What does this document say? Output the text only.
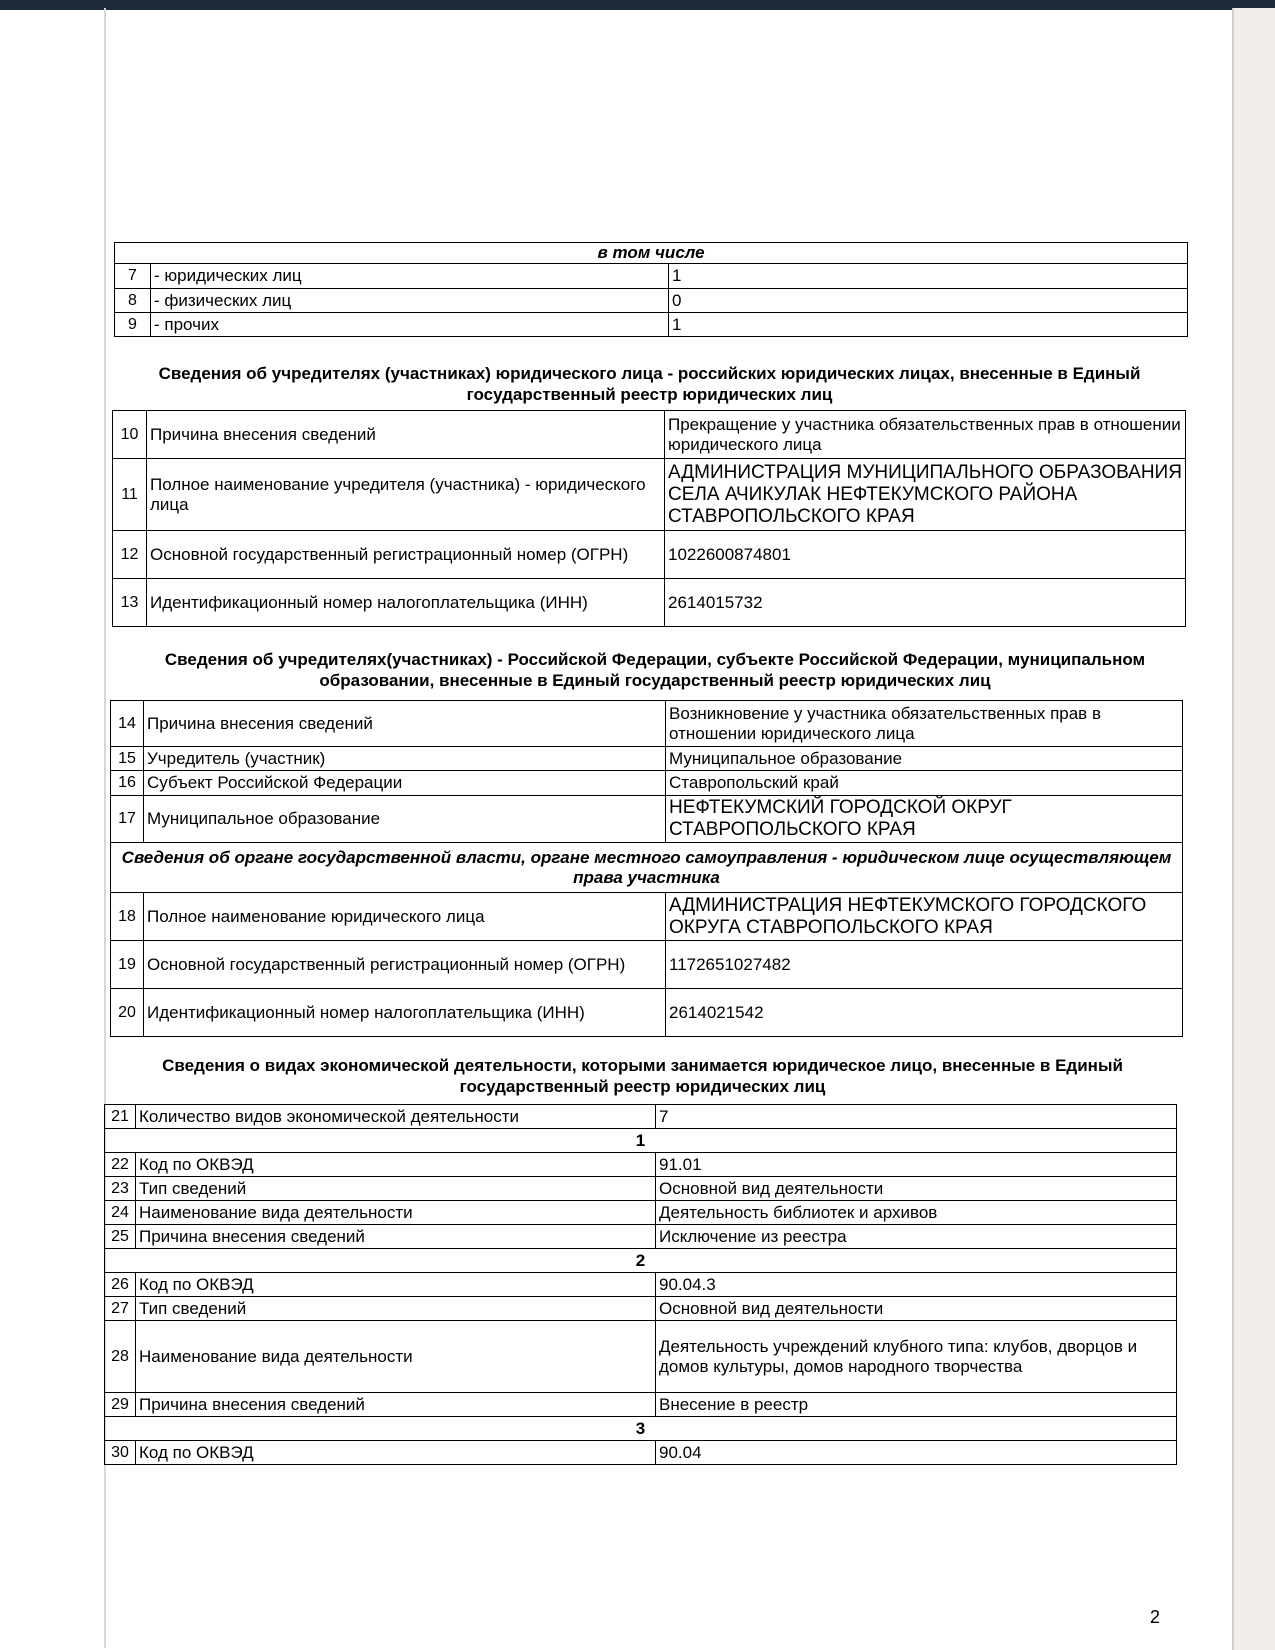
в том числе		
7	- юридических лиц	1
8	- физических лиц	0
9	- прочих	1
Сведения об учредителях (участниках) юридического лица - российских юридических лицах, внесенные в Единый государственный реестр юридических лиц
10	Причина внесения сведений	Прекращение у участника обязательственных прав в отношении юридического лица
11	Полное наименование учредителя (участника) - юридического лица	АДМИНИСТРАЦИЯ МУНИЦИПАЛЬНОГО ОБРАЗОВАНИЯ СЕЛА АЧИКУЛАК НЕФТЕКУМСКОГО РАЙОНА СТАВРОПОЛЬСКОГО КРАЯ
12	Основной государственный регистрационный номер (ОГРН)	1022600874801
13	Идентификационный номер налогоплательщика (ИНН)	2614015732
Сведения об учредителях(участниках) - Российской Федерации, субъекте Российской Федерации, муниципальном образовании, внесенные в Единый государственный реестр юридических лиц
14	Причина внесения сведений	Возникновение у участника обязательственных прав в отношении юридического лица
15	Учредитель (участник)	Муниципальное образование
16	Субъект Российской Федерации	Ставропольский край
17	Муниципальное образование	НЕФТЕКУМСКИЙ ГОРОДСКОЙ ОКРУГ СТАВРОПОЛЬСКОГО КРАЯ
Сведения об органе государственной власти, органе местного самоуправления - юридическом лице осуществляющем права участника		
18	Полное наименование юридического лица	АДМИНИСТРАЦИЯ НЕФТЕКУМСКОГО ГОРОДСКОГО ОКРУГА СТАВРОПОЛЬСКОГО КРАЯ
19	Основной государственный регистрационный номер (ОГРН)	1172651027482
20	Идентификационный номер налогоплательщика (ИНН)	2614021542
Сведения о видах экономической деятельности, которыми занимается юридическое лицо, внесенные в Единый государственный реестр юридических лиц
21	Количество видов экономической деятельности	7
1		
22	Код по ОКВЭД	91.01
23	Тип сведений	Основной вид деятельности
24	Наименование вида деятельности	Деятельность библиотек и архивов
25	Причина внесения сведений	Исключение из реестра
2		
26	Код по ОКВЭД	90.04.3
27	Тип сведений	Основной вид деятельности
28	Наименование вида деятельности	Деятельность учреждений клубного типа: клубов, дворцов и домов культуры, домов народного творчества
29	Причина внесения сведений	Внесение в реестр
3		
30	Код по ОКВЭД	90.04
2
